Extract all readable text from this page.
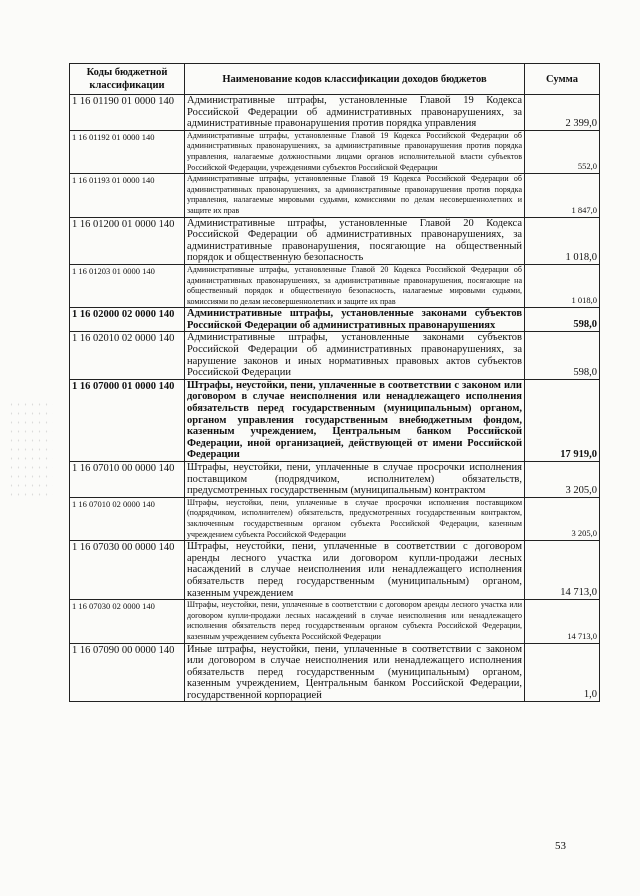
Коды бюджетной классификации	Наименование кодов классификации доходов бюджетов	Сумма
1 16 01190 01 0000 140	Административные штрафы, установленные Главой 19 Кодекса Российской Федерации об административных правонарушениях, за административные правонарушения против порядка управления	2 399,0
1 16 01192 01 0000 140	Административные штрафы, установленные Главой 19 Кодекса Российской Федерации об административных правонарушениях, за административные правонарушения против порядка управления, налагаемые должностными лицами органов исполнительной власти субъектов Российской Федерации, учреждениями субъектов Российской Федерации	552,0
1 16 01193 01 0000 140	Административные штрафы, установленные Главой 19 Кодекса Российской Федерации об административных правонарушениях, за административные правонарушения против порядка управления, налагаемые мировыми судьями, комиссиями по делам несовершеннолетних и защите их прав	1 847,0
1 16 01200 01 0000 140	Административные штрафы, установленные Главой 20 Кодекса Российской Федерации об административных правонарушениях, за административные правонарушения, посягающие на общественный порядок и общественную безопасность	1 018,0
1 16 01203 01 0000 140	Административные штрафы, установленные Главой 20 Кодекса Российской Федерации об административных правонарушениях, за административные правонарушения, посягающие на общественный порядок и общественную безопасность, налагаемые мировыми судьями, комиссиями по делам несовершеннолетних и защите их прав	1 018,0
1 16 02000 02 0000 140	Административные штрафы, установленные законами субъектов Российской Федерации об административных правонарушениях	598,0
1 16 02010 02 0000 140	Административные штрафы, установленные законами субъектов Российской Федерации об административных правонарушениях, за нарушение законов и иных нормативных правовых актов субъектов Российской Федерации	598,0
1 16 07000 01 0000 140	Штрафы, неустойки, пени, уплаченные в соответствии с законом или договором в случае неисполнения или ненадлежащего исполнения обязательств перед государственным (муниципальным) органом, органом управления государственным внебюджетным фондом, казенным учреждением, Центральным банком Российской Федерации, иной организацией, действующей от имени Российской Федерации	17 919,0
1 16 07010 00 0000 140	Штрафы, неустойки, пени, уплаченные в случае просрочки исполнения поставщиком (подрядчиком, исполнителем) обязательств, предусмотренных государственным (муниципальным) контрактом	3 205,0
1 16 07010 02 0000 140	Штрафы, неустойки, пени, уплаченные в случае просрочки исполнения поставщиком (подрядчиком, исполнителем) обязательств, предусмотренных государственным контрактом, заключенным государственным органом субъекта Российской Федерации, казенным учреждением субъекта Российской Федерации	3 205,0
1 16 07030 00 0000 140	Штрафы, неустойки, пени, уплаченные в соответствии с договором аренды лесного участка или договором купли-продажи лесных насаждений в случае неисполнения или ненадлежащего исполнения обязательств перед государственным (муниципальным) органом, казенным учреждением	14 713,0
1 16 07030 02 0000 140	Штрафы, неустойки, пени, уплаченные в соответствии с договором аренды лесного участка или договором купли-продажи лесных насаждений в случае неисполнения или ненадлежащего исполнения обязательств перед государственным органом субъекта Российской Федерации, казенным учреждением субъекта Российской Федерации	14 713,0
1 16 07090 00 0000 140	Иные штрафы, неустойки, пени, уплаченные в соответствии с законом или договором в случае неисполнения или ненадлежащего исполнения обязательств перед государственным (муниципальным) органом, казенным учреждением, Центральным банком Российской Федерации, государственной корпорацией	1,0
53
